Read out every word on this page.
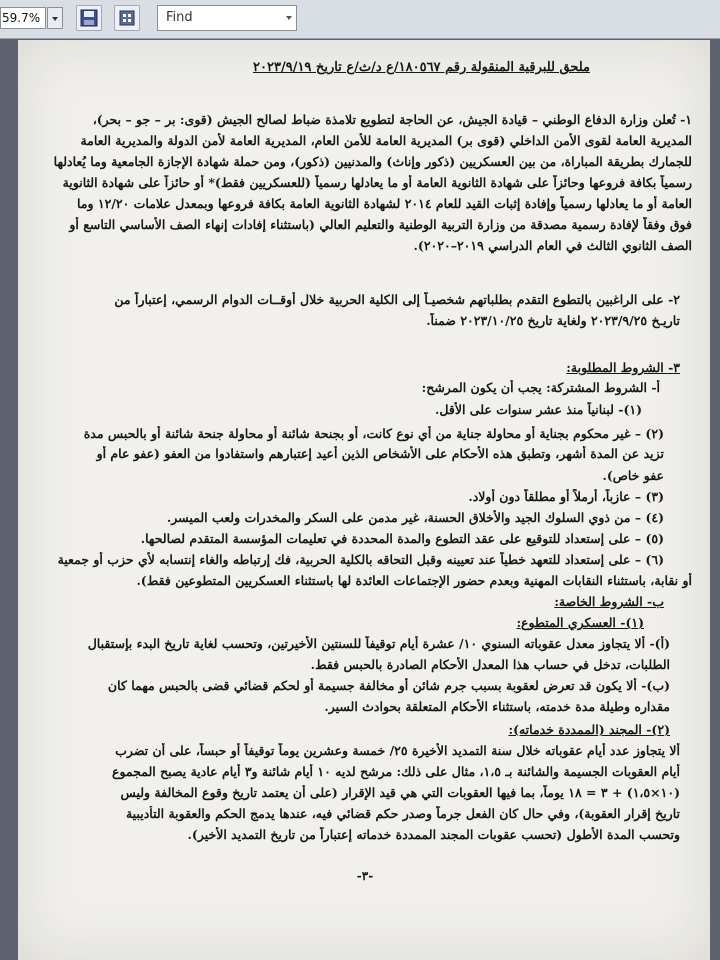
59.7%	Find
ملحق للبرقية المنقولة رقم ١٨٠٥٦٧/ع د/ث/ع تاريخ ٢٠٢٣/٩/١٩
١- تُعلن وزارة الدفاع الوطني – قيادة الجيش، عن الحاجة لتطويع تلامذة ضباط لصالح الجيش (قوى: بر – جو – بحر)،
المديرية العامة لقوى الأمن الداخلي (قوى بر) المديرية العامة للأمن العام، المديرية العامة لأمن الدولة والمديرية العامة
للجمارك بطريقة المباراة، من بين العسكريين (ذكور وإناث) والمدنيين (ذكور)، ومن حملة شهادة الإجازة الجامعية وما يُعادلها
رسمياً بكافة فروعها وحائزاً على شهادة الثانوية العامة أو ما يعادلها رسمياً (للعسكريين فقط)* أو حائزاً على شهادة الثانوية
العامة أو ما يعادلها رسمياً وإفادة إثبات القيد للعام ٢٠١٤ لشهادة الثانوية العامة بكافة فروعها وبمعدل علامات ١٢/٢٠ وما
فوق وفقاً لإفادة رسمية مصدقة من وزارة التربية الوطنية والتعليم العالي (باستثناء إفادات إنهاء الصف الأساسي التاسع أو
الصف الثانوي الثالث في العام الدراسي ٢٠١٩–٢٠٢٠).
٢- على الراغبين بالتطوع التقدم بطلباتهم شخصيـاً إلى الكلية الحربية خلال أوقــات الدوام الرسمي، إعتباراً من
تاريـخ ٢٠٢٣/٩/٢٥ ولغاية تاريخ ٢٠٢٣/١٠/٢٥ ضمناً.
٣- الشروط المطلوبة:
أ- الشروط المشتركة: يجب أن يكون المرشح:
(١)- لبنانياً منذ عشر سنوات على الأقل.
(٢) – غير محكوم بجناية أو محاولة جناية من أي نوع كانت، أو بجنحة شائنة أو محاولة جنحة شائنة أو بالحبس مدة
تزيد عن المدة أشهر، وتطبق هذه الأحكام على الأشخاص الذين أعيد إعتبارهم واستفادوا من العفو (عفو عام أو
عفو خاص).
(٣) – عازباً، أرملاً أو مطلقاً دون أولاد.
(٤) – من ذوي السلوك الجيد والأخلاق الحسنة، غير مدمن على السكر والمخدرات ولعب الميسر.
(٥) – على إستعداد للتوقيع على عقد التطوع والمدة المحددة في تعليمات المؤسسة المتقدم لصالحها.
(٦) – على إستعداد للتعهد خطياً عند تعيينه وقبل التحاقه بالكلية الحربية، فك إرتباطه والغاء إنتسابه لأي حزب أو جمعية
أو نقابة، باستثناء النقابات المهنية وبعدم حضور الإجتماعات العائدة لها باستثناء العسكريين المتطوعين فقط).
ب- الشروط الخاصة:
(١)- العسكري المتطوع:
(أ)- ألا يتجاوز معدل عقوباته السنوي ١٠/ عشرة أيام توقيفاً للسنتين الأخيرتين، وتحسب لغاية تاريخ البدء بإستقبال
الطلبات، تدخل في حساب هذا المعدل الأحكام الصادرة بالحبس فقط.
(ب)- ألا يكون قد تعرض لعقوبة بسبب جرم شائن أو مخالفة جسيمة أو لحكم قضائي قضى بالحبس مهما كان
مقداره وطيلة مدة خدمته، باستثناء الأحكام المتعلقة بحوادث السير.
(٢)- المجند (الممددة خدماته):
ألا يتجاوز عدد أيام عقوباته خلال سنة التمديد الأخيرة ٢٥/ خمسة وعشرين يوماً توقيفاً أو حبساً، على أن تضرب
أيام العقوبات الجسيمة والشائنة بـ ١،٥، مثال على ذلك: مرشح لديه ١٠ أيام شائنة و٣ أيام عادية يصبح المجموع
(١٠×١،٥) + ٣ = ١٨ يوماً، بما فيها العقوبات التي هي قيد الإقرار (على أن يعتمد تاريخ وقوع المخالفة وليس
تاريخ إقرار العقوبة)، وفي حال كان الفعل جرماً وصدر حكم قضائي فيه، عندها يدمج الحكم والعقوبة التأديبية
وتحسب المدة الأطول (تحسب عقوبات المجند الممددة خدماته إعتباراً من تاريخ التمديد الأخير).
-٣-
